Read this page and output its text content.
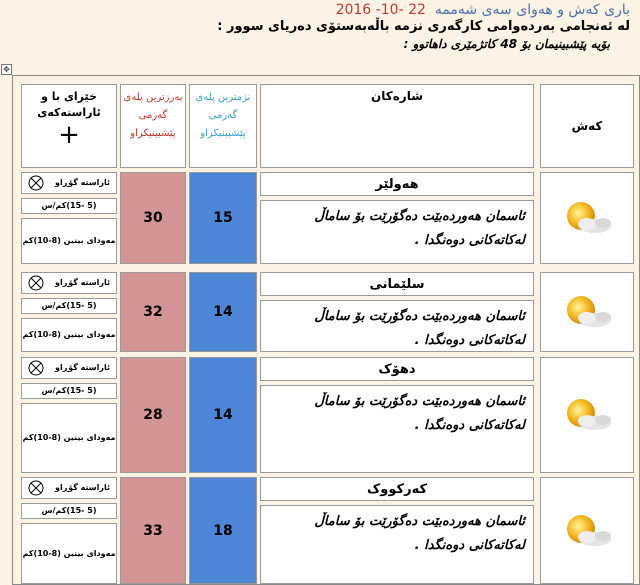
باری کەش و هەوای سەی شەممە  22 -10- 2016
لە ئەنجامی بەردەوامی کارگەری نزمە باڵەبەستۆی دەریای سوور :
بۆیە پێشبینیمان بۆ 48 کاتژمێری داهاتوو :
✥
کەش
شارەکان
نزمترین پلەی گەرمی پێشبینیکراو
بەرزترین پلەی گەرمی پێشبینیکراو
خێرای با و ئاراستەکەی
+
هەولێر
ئاسمان هەوردەبێت دەگۆرێت بۆ ساماڵ لەکاتەکانی دوەنگدا .
15
30
ئاراستە گۆڕاو
(5 -15)کم/س
مەودای بینین (8-10)کم
سلێمانی
ئاسمان هەوردەبێت دەگۆرێت بۆ ساماڵ لەکاتەکانی دوەنگدا .
14
32
ئاراستە گۆڕاو
(5 -15)کم/س
مەودای بینین (8-10)کم
دهۆک
ئاسمان هەوردەبێت دەگۆرێت بۆ ساماڵ لەکاتەکانی دوەنگدا .
14
28
ئاراستە گۆڕاو
(5 -15)کم/س
مەودای بینین (8-10)کم
کەرکووک
ئاسمان هەوردەبێت دەگۆرێت بۆ ساماڵ لەکاتەکانی دوەنگدا .
18
33
ئاراستە گۆڕاو
(5 -15)کم/س
مەودای بینین (8-10)کم
